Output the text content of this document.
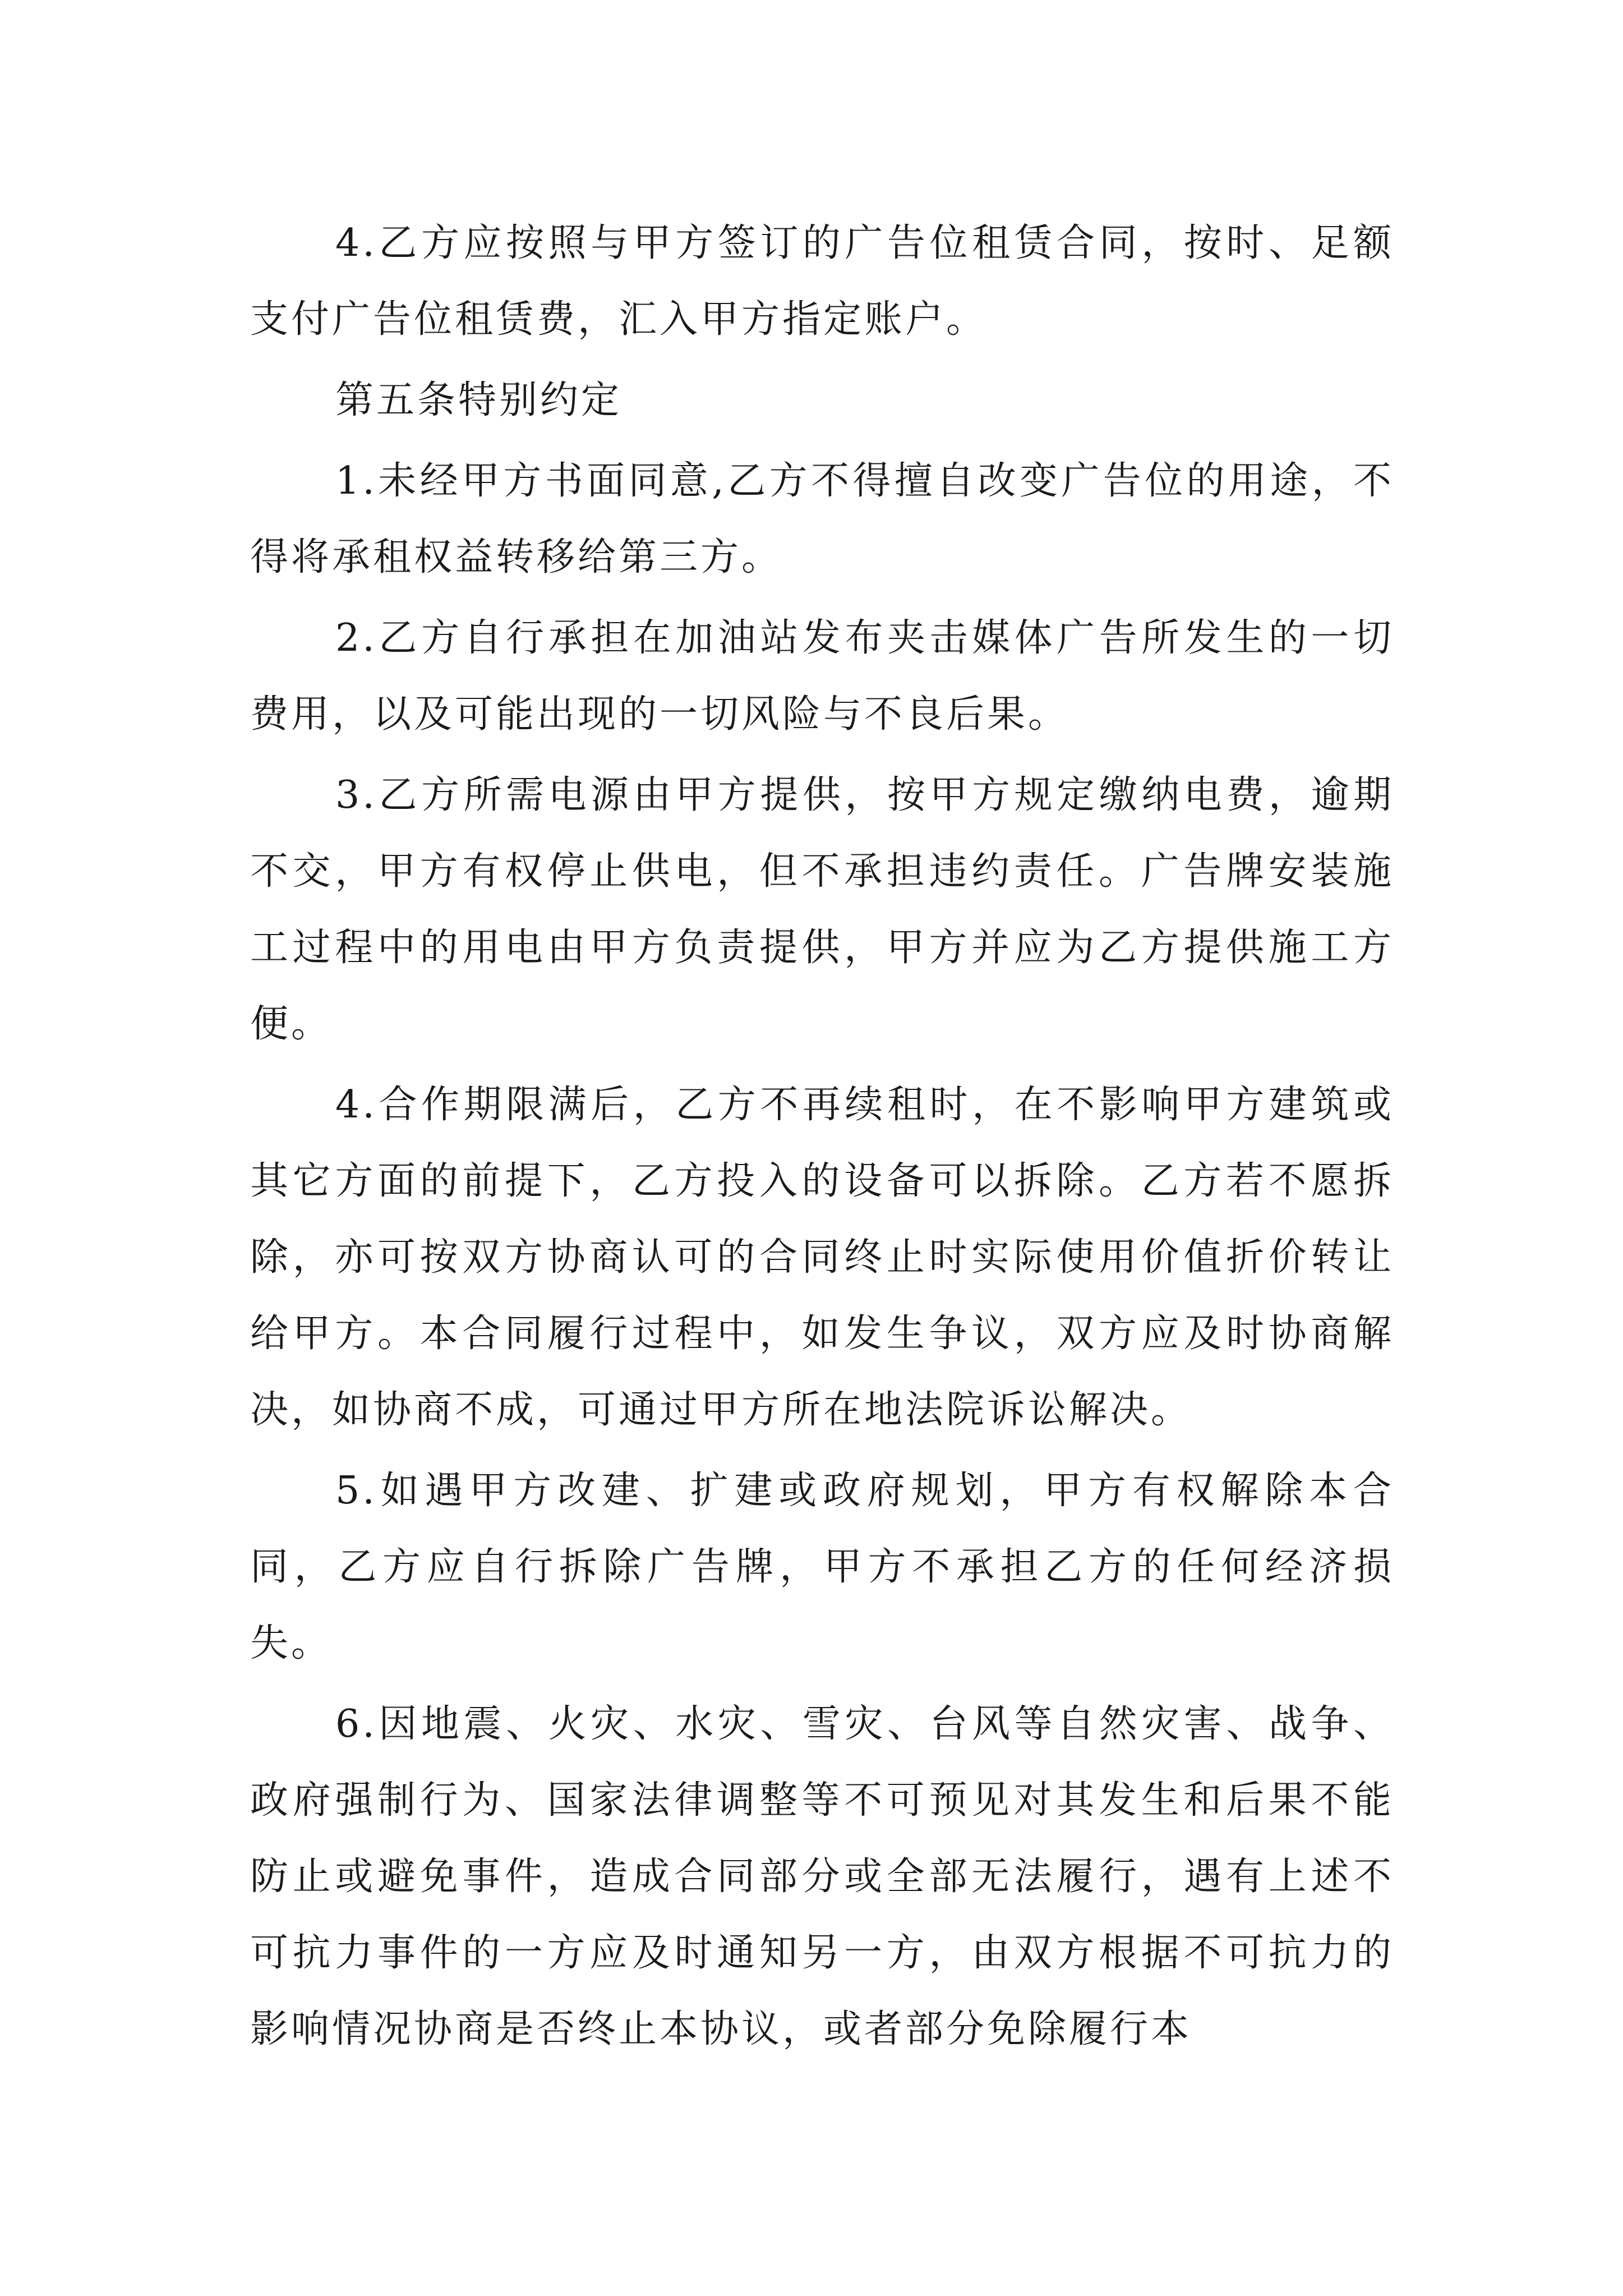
4.乙方应按照与甲方签订的广告位租赁合同，按时、足额支付广告位租赁费，汇入甲方指定账户。

第五条特别约定

1.未经甲方书面同意,乙方不得擅自改变广告位的用途，不得将承租权益转移给第三方。

2.乙方自行承担在加油站发布夹击媒体广告所发生的一切费用，以及可能出现的一切风险与不良后果。

3.乙方所需电源由甲方提供，按甲方规定缴纳电费，逾期不交，甲方有权停止供电，但不承担违约责任。广告牌安装施工过程中的用电由甲方负责提供，甲方并应为乙方提供施工方便。

4.合作期限满后，乙方不再续租时，在不影响甲方建筑或其它方面的前提下，乙方投入的设备可以拆除。乙方若不愿拆除，亦可按双方协商认可的合同终止时实际使用价值折价转让给甲方。本合同履行过程中，如发生争议，双方应及时协商解决，如协商不成，可通过甲方所在地法院诉讼解决。

5.如遇甲方改建、扩建或政府规划，甲方有权解除本合同，乙方应自行拆除广告牌，甲方不承担乙方的任何经济损失。

6.因地震、火灾、水灾、雪灾、台风等自然灾害、战争、政府强制行为、国家法律调整等不可预见对其发生和后果不能防止或避免事件，造成合同部分或全部无法履行，遇有上述不可抗力事件的一方应及时通知另一方，由双方根据不可抗力的影响情况协商是否终止本协议，或者部分免除履行本
